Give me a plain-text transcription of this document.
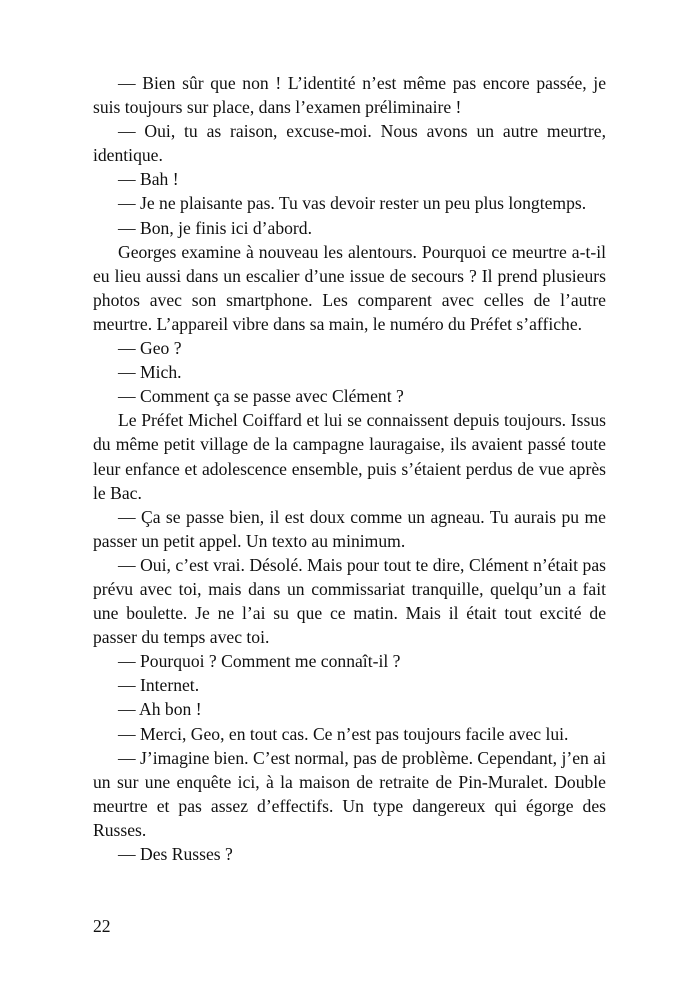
— Bien sûr que non ! L’identité n’est même pas encore passée, je suis toujours sur place, dans l’examen préliminaire !

— Oui, tu as raison, excuse-moi. Nous avons un autre meurtre, identique.

— Bah !

— Je ne plaisante pas. Tu vas devoir rester un peu plus longtemps.

— Bon, je finis ici d’abord.

Georges examine à nouveau les alentours. Pourquoi ce meurtre a-t-il eu lieu aussi dans un escalier d’une issue de secours ? Il prend plusieurs photos avec son smartphone. Les comparent avec celles de l’autre meurtre. L’appareil vibre dans sa main, le numéro du Préfet s’affiche.

— Geo ?

— Mich.

— Comment ça se passe avec Clément ?

Le Préfet Michel Coiffard et lui se connaissent depuis toujours. Issus du même petit village de la campagne lauragaise, ils avaient passé toute leur enfance et adolescence ensemble, puis s’étaient perdus de vue après le Bac.

— Ça se passe bien, il est doux comme un agneau. Tu aurais pu me passer un petit appel. Un texto au minimum.

— Oui, c’est vrai. Désolé. Mais pour tout te dire, Clément n’était pas prévu avec toi, mais dans un commissariat tranquille, quelqu’un a fait une boulette. Je ne l’ai su que ce matin. Mais il était tout excité de passer du temps avec toi.

— Pourquoi ? Comment me connaît-il ?

— Internet.

— Ah bon !

— Merci, Geo, en tout cas. Ce n’est pas toujours facile avec lui.

— J’imagine bien. C’est normal, pas de problème. Cependant, j’en ai un sur une enquête ici, à la maison de retraite de Pin-Muralet. Double meurtre et pas assez d’effectifs. Un type dangereux qui égorge des Russes.

— Des Russes ?

22
